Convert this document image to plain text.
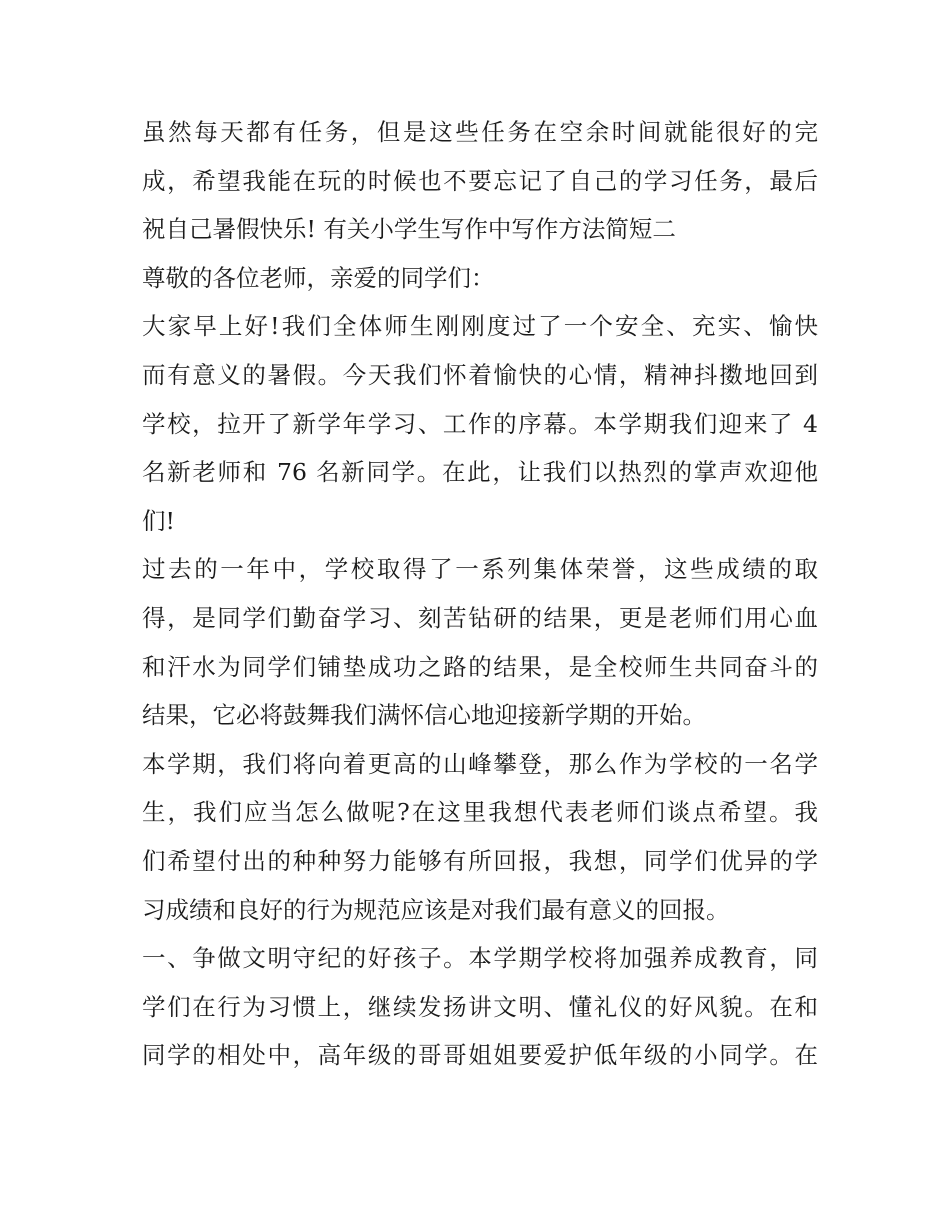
虽然每天都有任务，但是这些任务在空余时间就能很好的完
成，希望我能在玩的时候也不要忘记了自己的学习任务，最后
祝自己暑假快乐! 有关小学生写作中写作方法简短二

尊敬的各位老师，亲爱的同学们：

大家早上好!我们全体师生刚刚度过了一个安全、充实、愉快
而有意义的暑假。今天我们怀着愉快的心情，精神抖擞地回到
学校，拉开了新学年学习、工作的序幕。本学期我们迎来了 4
名新老师和 76 名新同学。在此，让我们以热烈的掌声欢迎他
们!

过去的一年中，学校取得了一系列集体荣誉，这些成绩的取
得，是同学们勤奋学习、刻苦钻研的结果，更是老师们用心血
和汗水为同学们铺垫成功之路的结果，是全校师生共同奋斗的
结果，它必将鼓舞我们满怀信心地迎接新学期的开始。

本学期，我们将向着更高的山峰攀登，那么作为学校的一名学
生，我们应当怎么做呢?在这里我想代表老师们谈点希望。我
们希望付出的种种努力能够有所回报，我想，同学们优异的学
习成绩和良好的行为规范应该是对我们最有意义的回报。

一、争做文明守纪的好孩子。本学期学校将加强养成教育，同
学们在行为习惯上，继续发扬讲文明、懂礼仪的好风貌。在和
同学的相处中，高年级的哥哥姐姐要爱护低年级的小同学。在
